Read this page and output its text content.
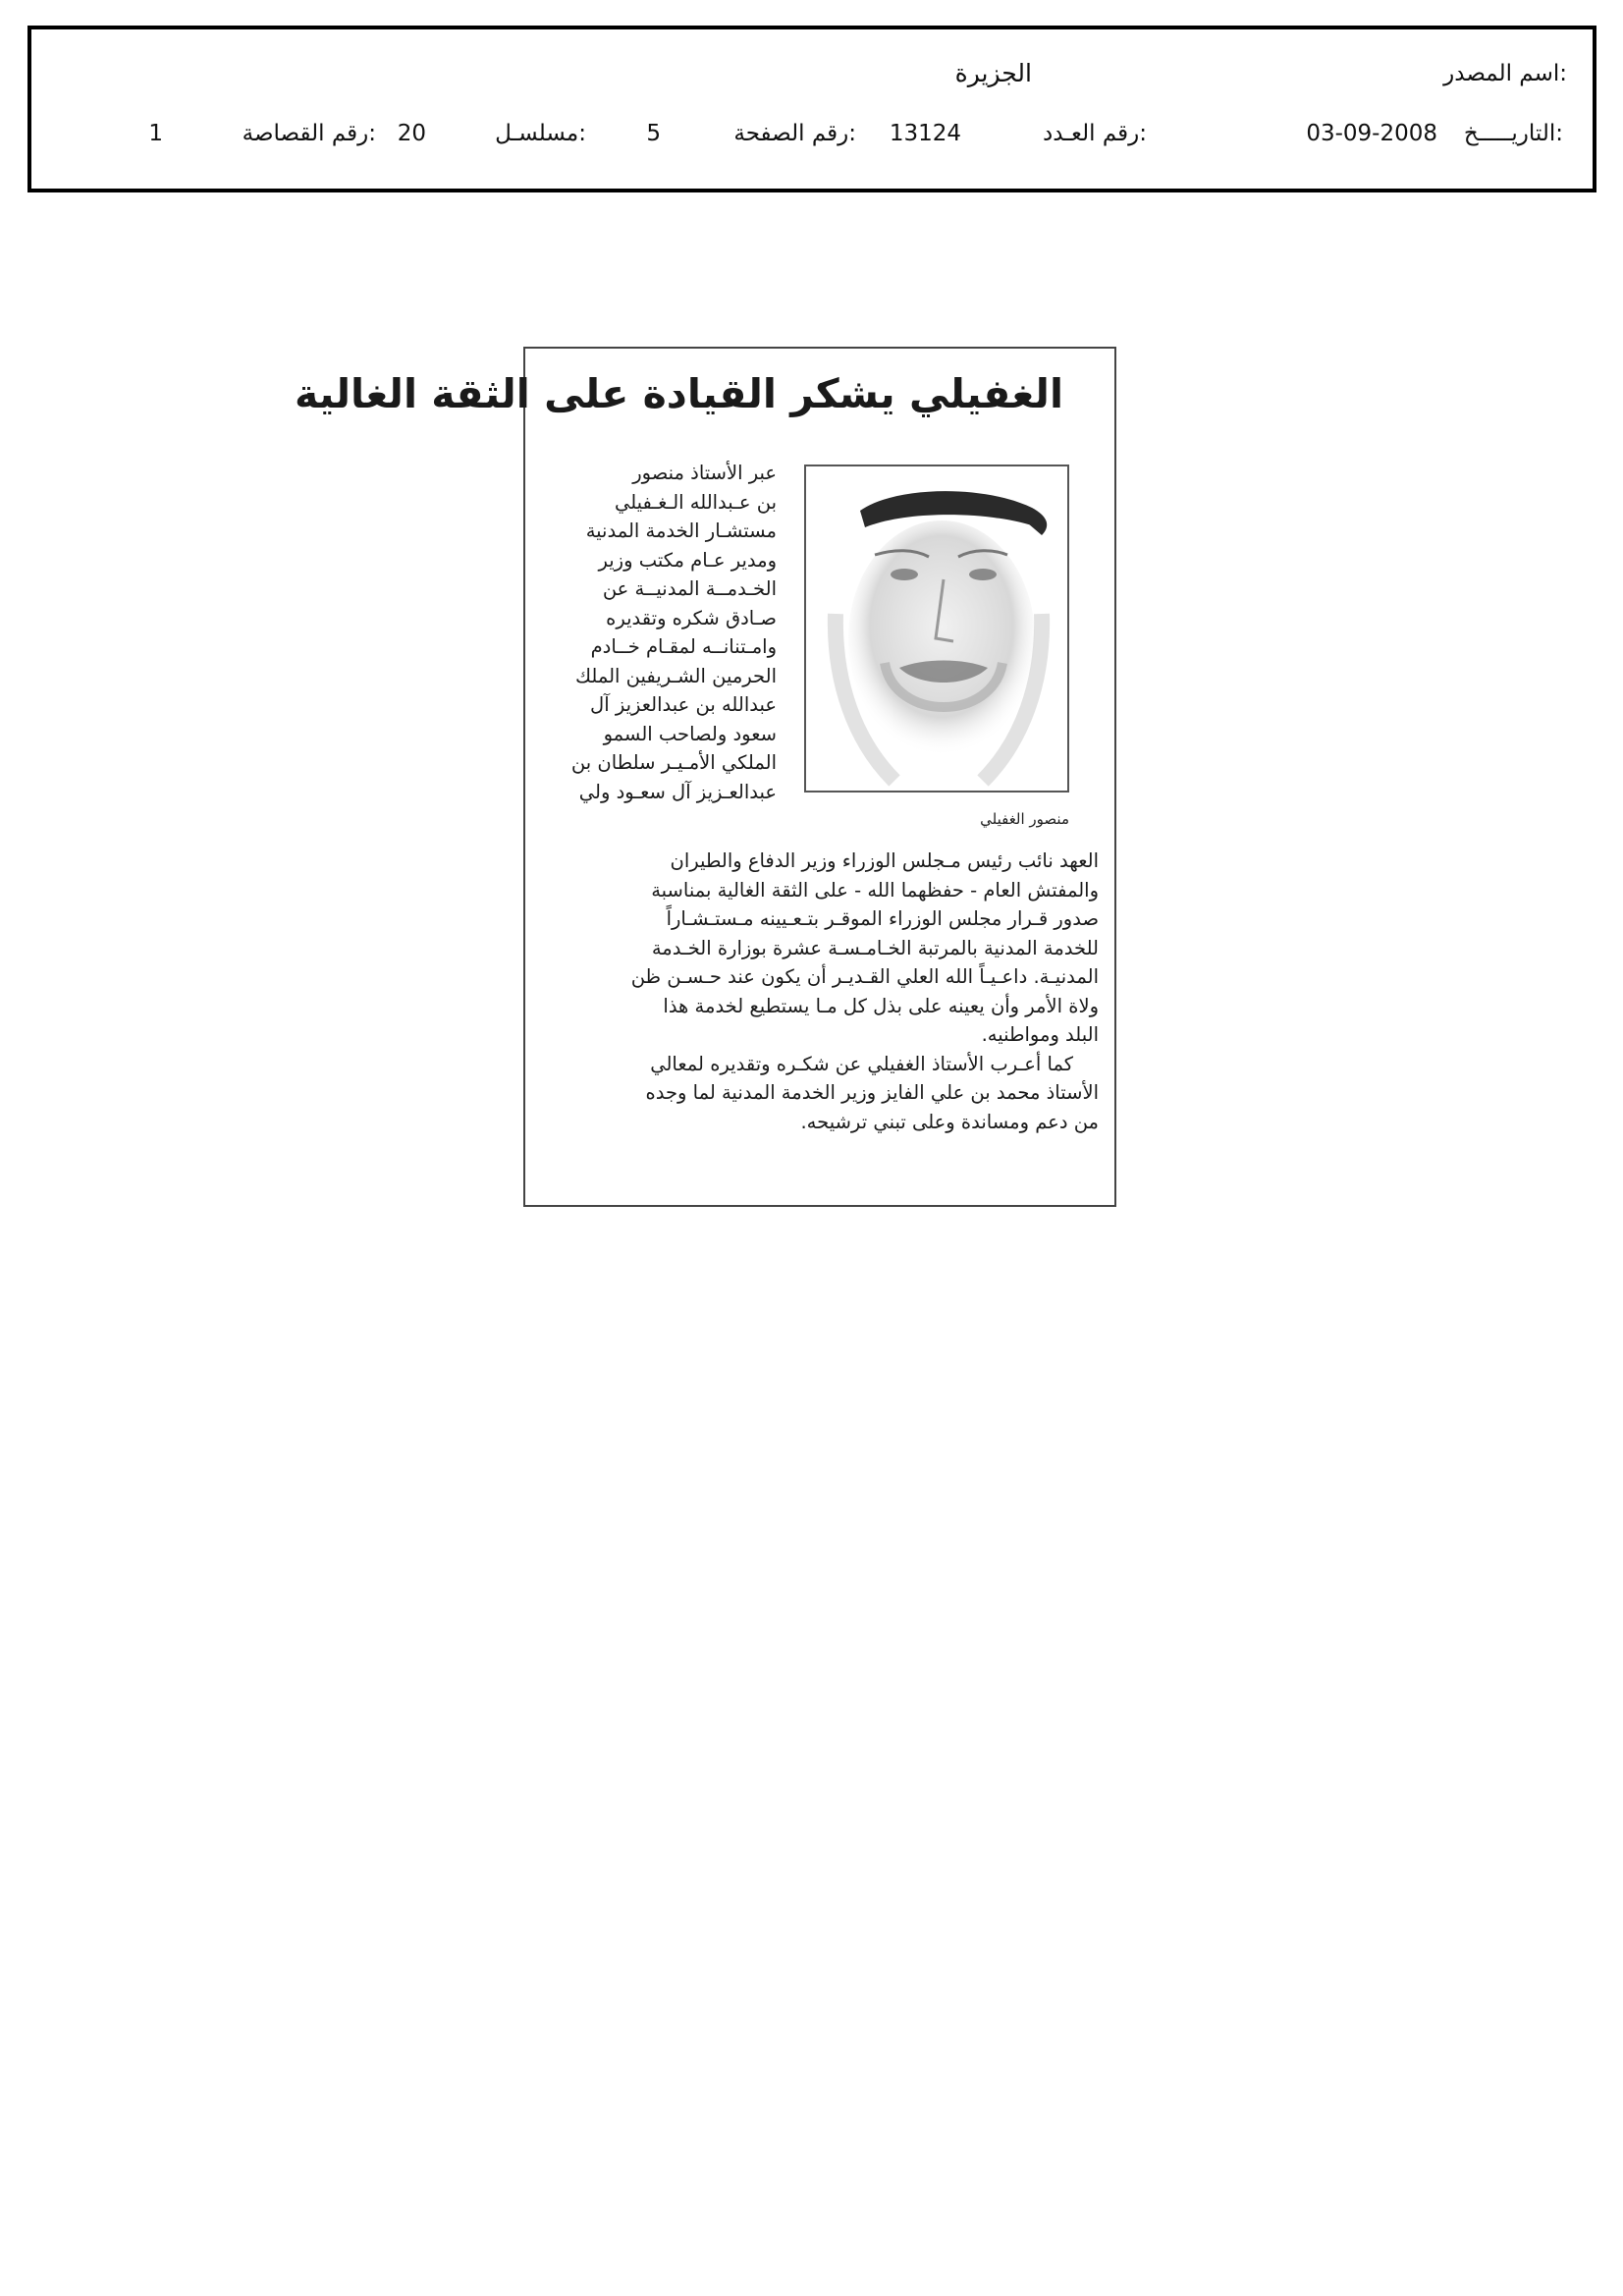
اسم المصدر:
الجزيرة
التاريـــــخ:
03-09-2008
رقم العـدد:
13124
رقم الصفحة:
5
مسلسـل:
20
رقم القصاصة:
1
الغفيلي يشكر القيادة على الثقة الغالية
منصور الغفيلي
عبر الأستاذ منصور
بن عـبدالله الـغـفيلي
مستشـار الخدمة المدنية
ومدير عـام مكتب وزير
الخـدمــة المدنيــة عن
صـادق شكره وتقديره
وامـتنانــه لمقـام خــادم
الحرمين الشـريفين الملك
عبدالله بن عبدالعزيز آل
سعود ولصاحب السمو
الملكي الأمـيـر سلطان بن
عبدالعـزيز آل سعـود ولي
العهد نائب رئيس مـجلس الوزراء وزير الدفاع والطيران
والمفتش العام - حفظهما الله - على الثقة الغالية بمناسبة
صدور قـرار مجلس الوزراء الموقـر بتـعـيينه مـستـشـاراً
للخدمة المدنية بالمرتبة الخـامـسـة عشرة بوزارة الخـدمة
المدنيـة. داعـيـاً الله العلي القـديـر أن يكون عند حـسـن ظن
ولاة الأمر وأن يعينه على بذل كل مـا يستطيع لخدمة هذا
البلد ومواطنيه.
كما أعـرب الأستاذ الغفيلي عن شكـره وتقديره لمعالي
الأستاذ محمد بن علي الفايز وزير الخدمة المدنية لما وجده
من دعم ومساندة وعلى تبني ترشيحه.
